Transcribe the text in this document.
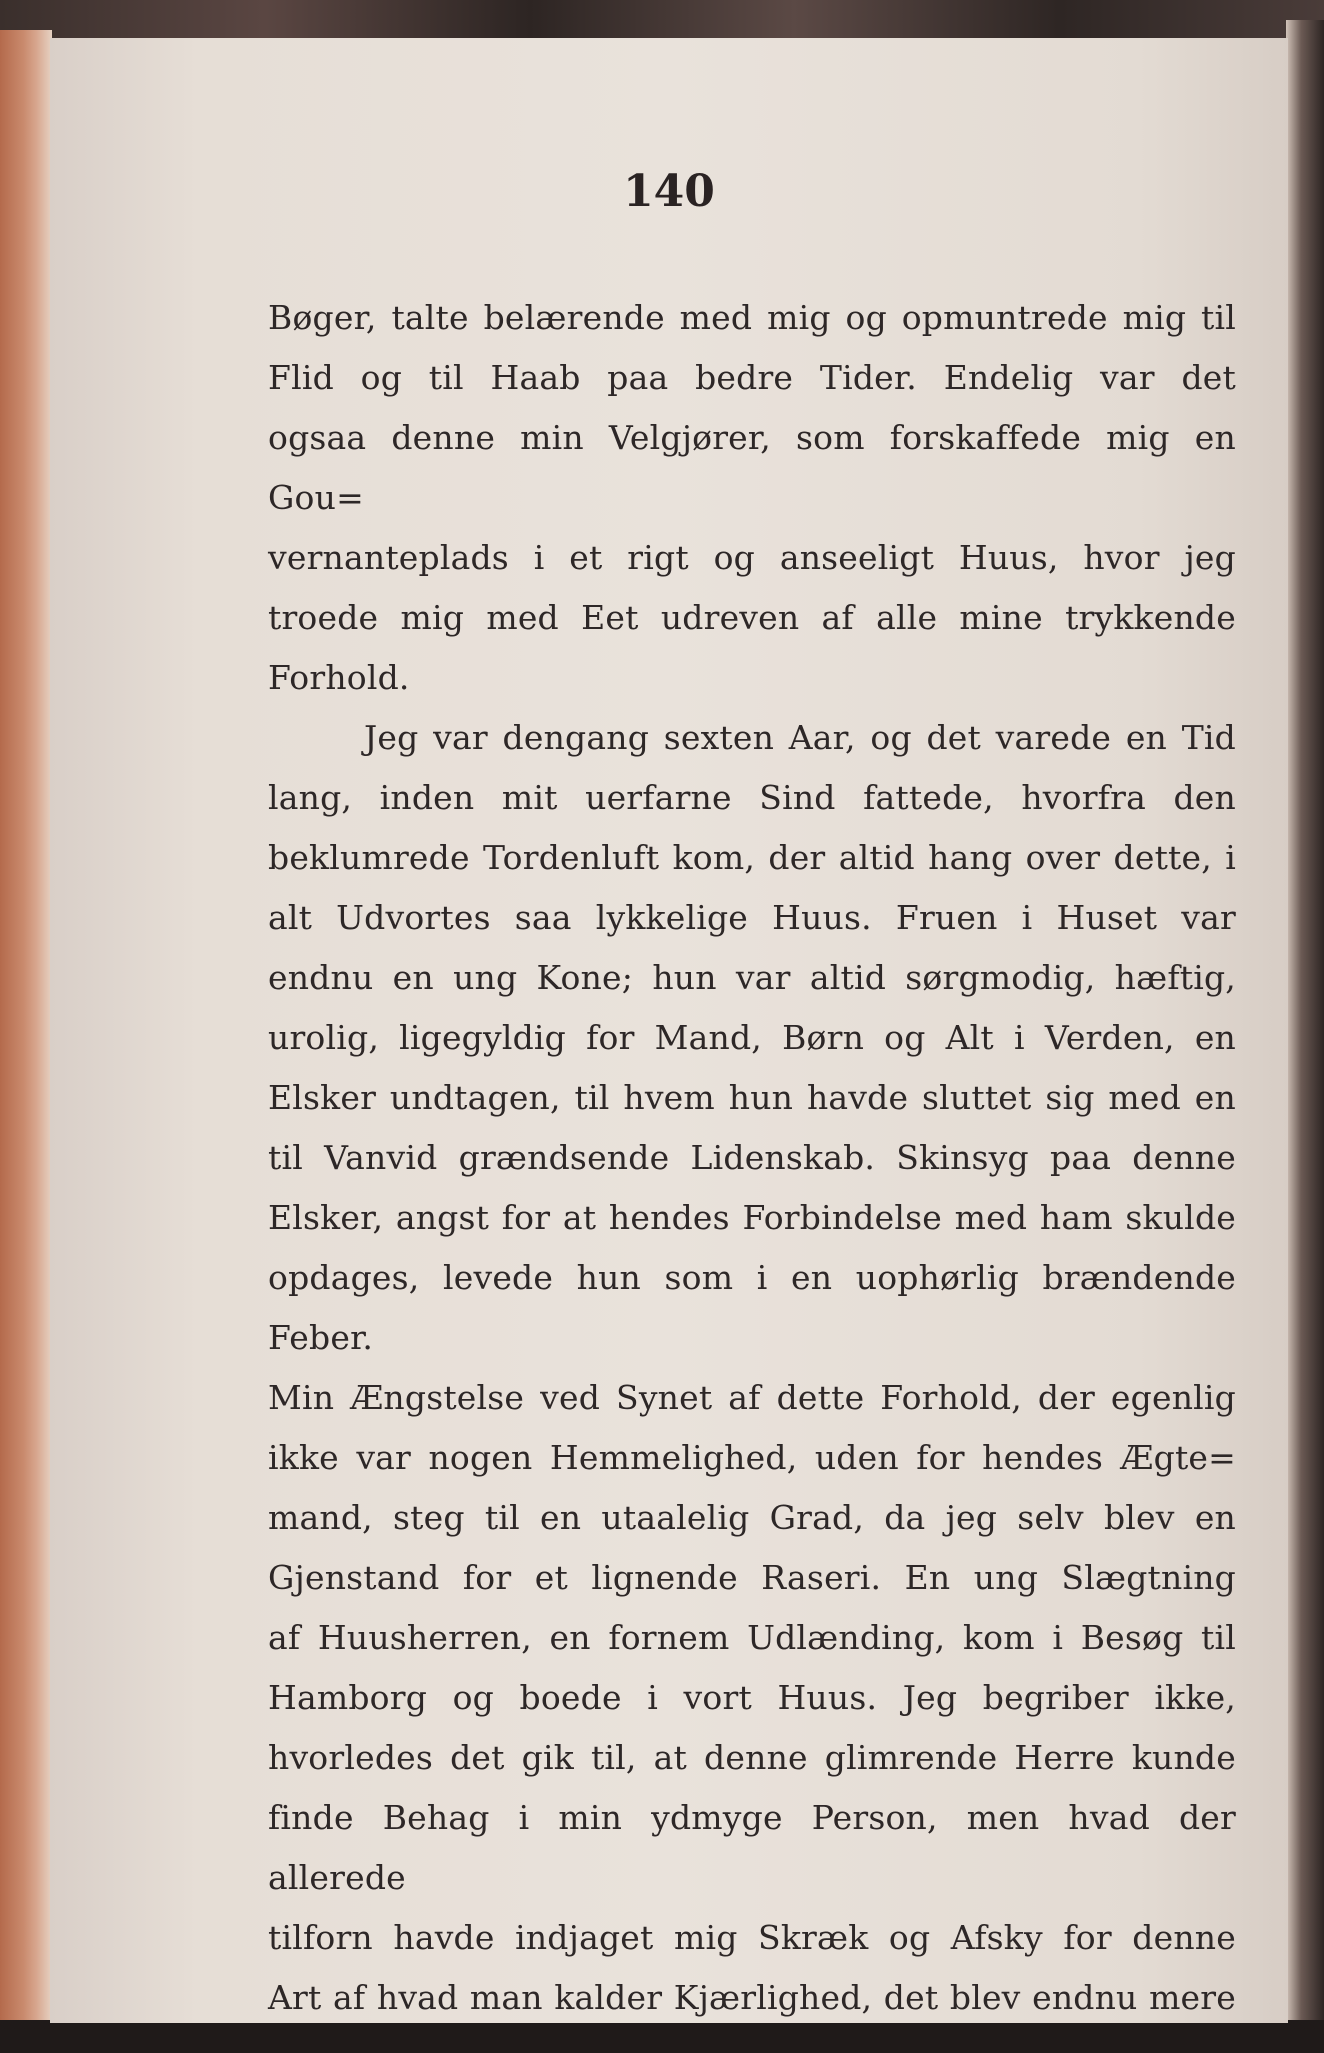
140

Bøger, talte belærende med mig og opmuntrede mig til

Flid og til Haab paa bedre Tider. Endelig var det

ogsaa denne min Velgjører, som forskaffede mig en Gou=

vernanteplads i et rigt og anseeligt Huus, hvor jeg

troede mig med Eet udreven af alle mine trykkende

Forhold.

Jeg var dengang sexten Aar, og det varede en Tid

lang, inden mit uerfarne Sind fattede, hvorfra den

beklumrede Tordenluft kom, der altid hang over dette, i

alt Udvortes saa lykkelige Huus. Fruen i Huset var

endnu en ung Kone; hun var altid sørgmodig, hæftig,

urolig, ligegyldig for Mand, Børn og Alt i Verden, en

Elsker undtagen, til hvem hun havde sluttet sig med en

til Vanvid grændsende Lidenskab. Skinsyg paa denne

Elsker, angst for at hendes Forbindelse med ham skulde

opdages, levede hun som i en uophørlig brændende Feber.

Min Ængstelse ved Synet af dette Forhold, der egenlig

ikke var nogen Hemmelighed, uden for hendes Ægte=

mand, steg til en utaalelig Grad, da jeg selv blev en

Gjenstand for et lignende Raseri. En ung Slægtning

af Huusherren, en fornem Udlænding, kom i Besøg til

Hamborg og boede i vort Huus. Jeg begriber ikke,

hvorledes det gik til, at denne glimrende Herre kunde

finde Behag i min ydmyge Person, men hvad der allerede

tilforn havde indjaget mig Skræk og Afsky for denne

Art af hvad man kalder Kjærlighed, det blev endnu mere
